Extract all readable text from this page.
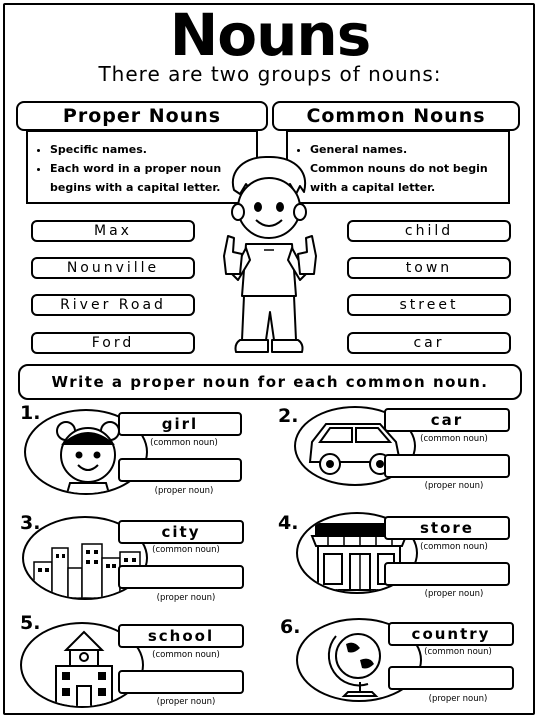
Nouns
There are two groups of nouns:
Proper Nouns
• Specific names.
• Each word in a proper noun begins with a capital letter.
Common Nouns
• General names.
• Common nouns do not begin with a capital letter.
Max
Nounville
River Road
Ford
child
town
street
car
Write a proper noun for each common noun.
1.	girl
(common noun)
(proper noun)
2.	car
(common noun)
(proper noun)
3.	city
(common noun)
(proper noun)
4.	store
(common noun)
(proper noun)
5.
school
(common noun)
(proper noun)
6.	country
(common noun)
(proper noun)
